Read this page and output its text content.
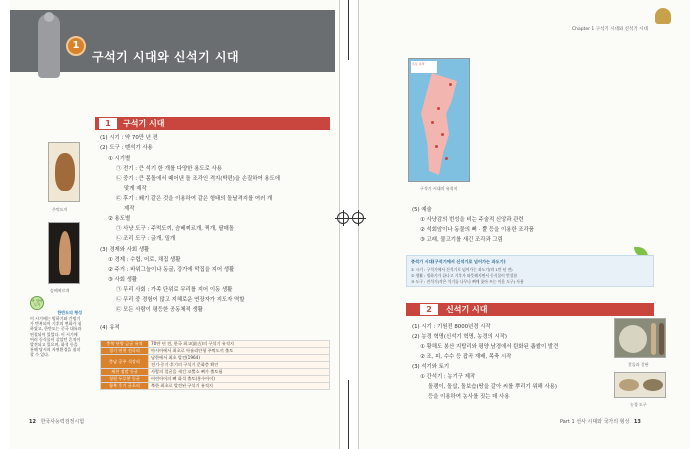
1
구석기 시대와 신석기 시대
Chapter 1 구석기 시대와 신석기 시대
1	구석기 시대
(1) 시기 : 약 70만 년 전
(2) 도구 : 뗀석기 사용
① 시기별
㉠ 전기 : 큰 석기 한 개를 다양한 용도로 사용
㉡ 중기 : 큰 몸돌에서 떼어낸 돌 조각인 격지(박편)을 손질하여 용도에
맞게 제작
㉢ 후기 : 쐐기 같은 것을 이용하여 같은 형태의 돌날격지를 여러 개
제작
② 용도별
㉠ 사냥 도구 : 주먹도끼, 슴베찌르개, 찍개, 팔매돌
㉡ 조리 도구 : 긁개, 밀개
(3) 경제와 사회 생활
① 경제 : 수렵, 어로, 채집 생활
② 주거 : 바위그늘이나 동굴, 강가에 막집을 지어 생활
③ 사회 생활
㉠ 무리 사회 : 가족 단위로 무리를 지어 이동 생활
㉡ 무리 중 경험이 많고 지혜로운 연장자가 지도자 역할
㉢ 모든 사람이 평등한 공동체적 생활
(4) 유적
충북 단양 금굴 유적	70만 년 전, 한국 최고(最古)의 구석기 유적지
경기 연천 전곡리	아시아에서 최초로 아슐리안형 주먹도끼 출토
충남 공주 석장리	남한에서 최초 발견(1964)
	전기·중기·후기의 구석기 문화층 확인
제천 점말 동굴	사람의 얼굴을 새긴 코뿔소 뼈가 출토됨
청원 두루봉 동굴	어린아이의 뼈 화석 출토(흥수아이)
함북 웅기 굴포리	북한 최초로 발견된 구석기 유적지
주먹도끼
슴베찌르개
꼭 알아 두기
한반도의 형성
이 시기에는 빙하기와 간빙기가 반복되어 기후의 변화가 심하였고, 한반도는 중국 대륙과 연결되어 있었다. 이 시기에 여러 동식물이 살았던 흔적이 발견되고 있으며, 화석 등을 통해 당시의 자연환경을 짐작할 수 있다.
12 한국사능력검정시험
주요 유적
구석기 시대의 유적지
(5) 예술
① 사냥감의 번성을 비는 주술적 신앙과 관련
② 석회암이나 동물의 뼈 · 뿔 등을 이용한 조각품
③ 고래, 물고기를 새긴 조각과 그림
중석기 시대(구석기에서 신석기로 넘어가는 과도기)
① 시기 : 구석기에서 신석기로 넘어가는 과도기(약 1만 년 전)
② 생활 : 빙하기가 끝나고 기후가 따뜻해지면서 동식물이 번성함
③ 도구 : 잔석기(작은 석기를 나무나 뼈에 꽂아 쓰는 이음 도구) 사용
2	신석기 시대
(1) 시기 : 기원전 8000년경 시작
(2) 농경 혁명(신석기 혁명, 농경의 시작)
① 황해도 봉산 지탑리와 평양 남경에서 탄화된 좁쌀이 발견
② 조, 피, 수수 등 잡곡 재배, 목축 시작
(3) 석기와 토기
① 간석기 : 농기구 제작
돌괭이, 돌삽, 돌보습(땅을 갈아 씨를 뿌리기 위해 사용)
등을 이용하여 농사를 짓는 데 사용
갈돌과 갈판
농경 도구
Part 1 선사 시대와 국가의 형성 13
